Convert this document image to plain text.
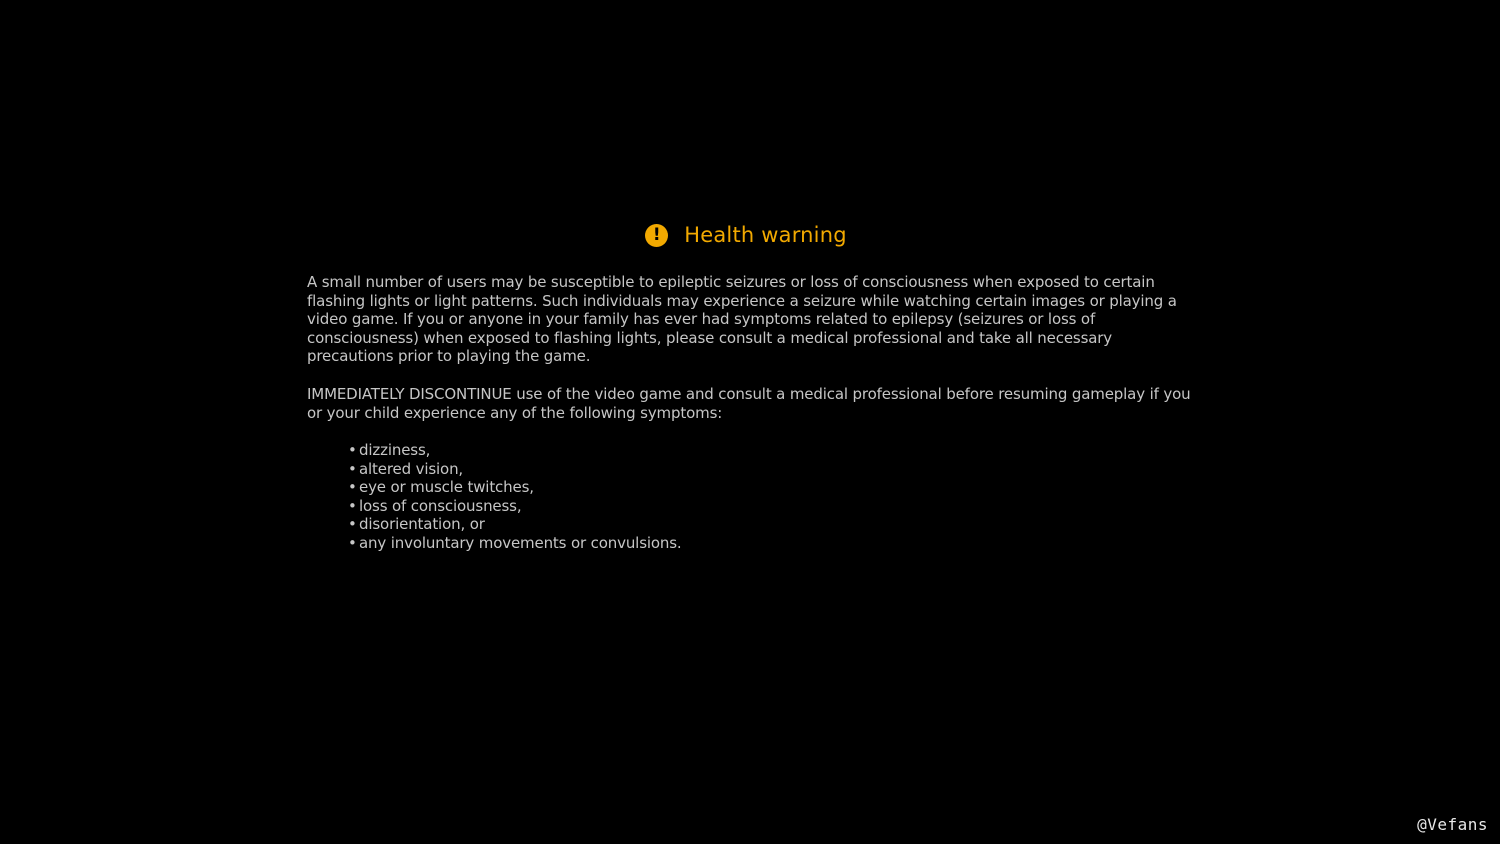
!	Health warning

A small number of users may be susceptible to epileptic seizures or loss of consciousness when exposed to certain flashing lights or light patterns. Such individuals may experience a seizure while watching certain images or playing a video game. If you or anyone in your family has ever had symptoms related to epilepsy (seizures or loss of consciousness) when exposed to flashing lights, please consult a medical professional and take all necessary precautions prior to playing the game.

IMMEDIATELY DISCONTINUE use of the video game and consult a medical professional before resuming gameplay if you or your child experience any of the following symptoms:

• dizziness,
• altered vision,
• eye or muscle twitches,
• loss of consciousness,
• disorientation, or
• any involuntary movements or convulsions.
@Vefans
